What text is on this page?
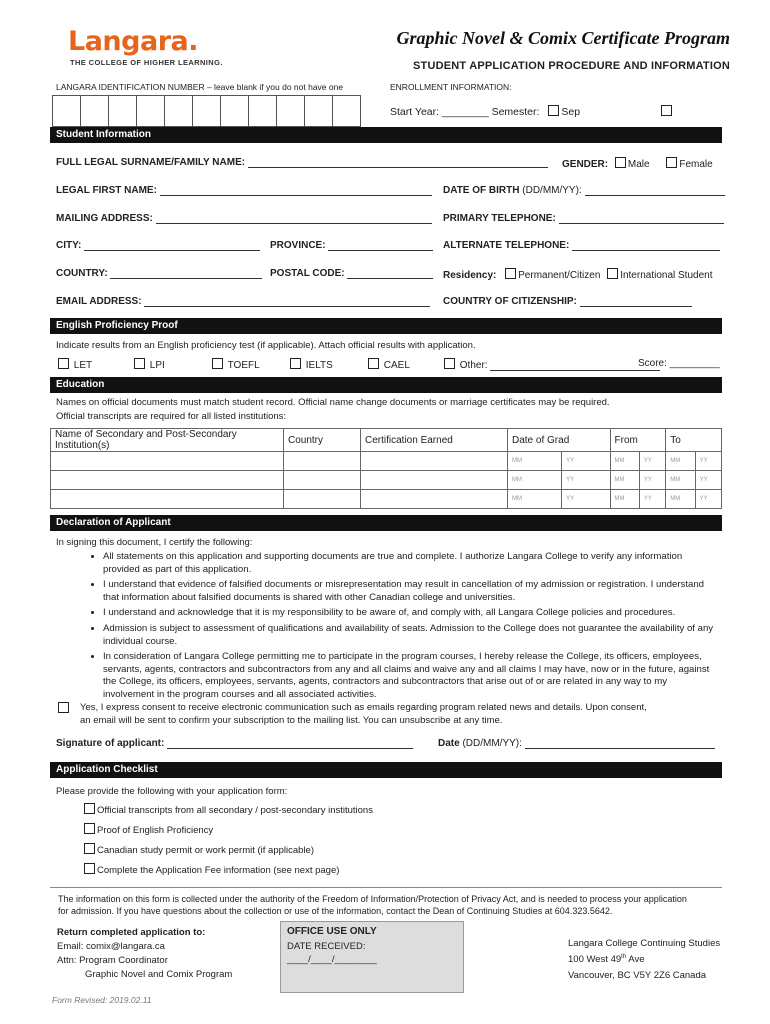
Langara.
THE COLLEGE OF HIGHER LEARNING.
Graphic Novel & Comix Certificate Program
STUDENT APPLICATION PROCEDURE AND INFORMATION
LANGARA IDENTIFICATION NUMBER – leave blank if you do not have one	ENROLLMENT INFORMATION:
Start Year: ________ Semester: Sep
Student Information
FULL LEGAL SURNAME/FAMILY NAME:	GENDER: Male	Female
LEGAL FIRST NAME:	DATE OF BIRTH (DD/MM/YY):
MAILING ADDRESS:	PRIMARY TELEPHONE:
CITY:	PROVINCE:	ALTERNATE TELEPHONE:
COUNTRY:	POSTAL CODE:	Residency: Permanent/Citizen International Student
EMAIL ADDRESS:	COUNTRY OF CITIZENSHIP:
English Proficiency Proof
Indicate results from an English proficiency test (if applicable). Attach official results with application.
LET	LPI	TOEFL	IELTS	CAEL	Other:	Score: _________
Education
Names on official documents must match student record. Official name change documents or marriage certificates may be required.
Official transcripts are required for all listed institutions:
Name of Secondary and Post-Secondary Institution(s)	Country	Certification Earned	Date of Grad		From		To	
			MM	YY	MM	YY	MM	YY
			MM	YY	MM	YY	MM	YY
			MM	YY	MM	YY	MM	YY
Declaration of Applicant
In signing this document, I certify the following:
• All statements on this application and supporting documents are true and complete. I authorize Langara College to verify any information provided as part of this application.
• I understand that evidence of falsified documents or misrepresentation may result in cancellation of my admission or registration. I understand that information about falsified documents is shared with other Canadian college and universities.
• I understand and acknowledge that it is my responsibility to be aware of, and comply with, all Langara College policies and procedures.
• Admission is subject to assessment of qualifications and availability of seats. Admission to the College does not guarantee the availability of any individual course.
• In consideration of Langara College permitting me to participate in the program courses, I hereby release the College, its officers, employees, servants, agents, contractors and subcontractors from any and all claims and waive any and all claims I may have, now or in the future, against the College, its officers, employees, servants, agents, contractors and subcontractors that arise out of or are related in any way to my involvement in the program courses and all associated activities.
Yes, I express consent to receive electronic communication such as emails regarding program related news and details. Upon consent,
an email will be sent to confirm your subscription to the mailing list. You can unsubscribe at any time.
Signature of applicant:	Date (DD/MM/YY):
Application Checklist
Please provide the following with your application form:
Official transcripts from all secondary / post-secondary institutions
Proof of English Proficiency
Canadian study permit or work permit (if applicable)
Complete the Application Fee information (see next page)
The information on this form is collected under the authority of the Freedom of Information/Protection of Privacy Act, and is needed to process your application
for admission. If you have questions about the collection or use of the information, contact the Dean of Continuing Studies at 604.323.5642.
Return completed application to:
Email: comix@langara.ca
Attn: Program Coordinator
Graphic Novel and Comix Program
OFFICE USE ONLY
DATE RECEIVED:
____/____/________
Langara College Continuing Studies
100 West 49th Ave
Vancouver, BC V5Y 2Z6 Canada
Form Revised: 2019.02.11
